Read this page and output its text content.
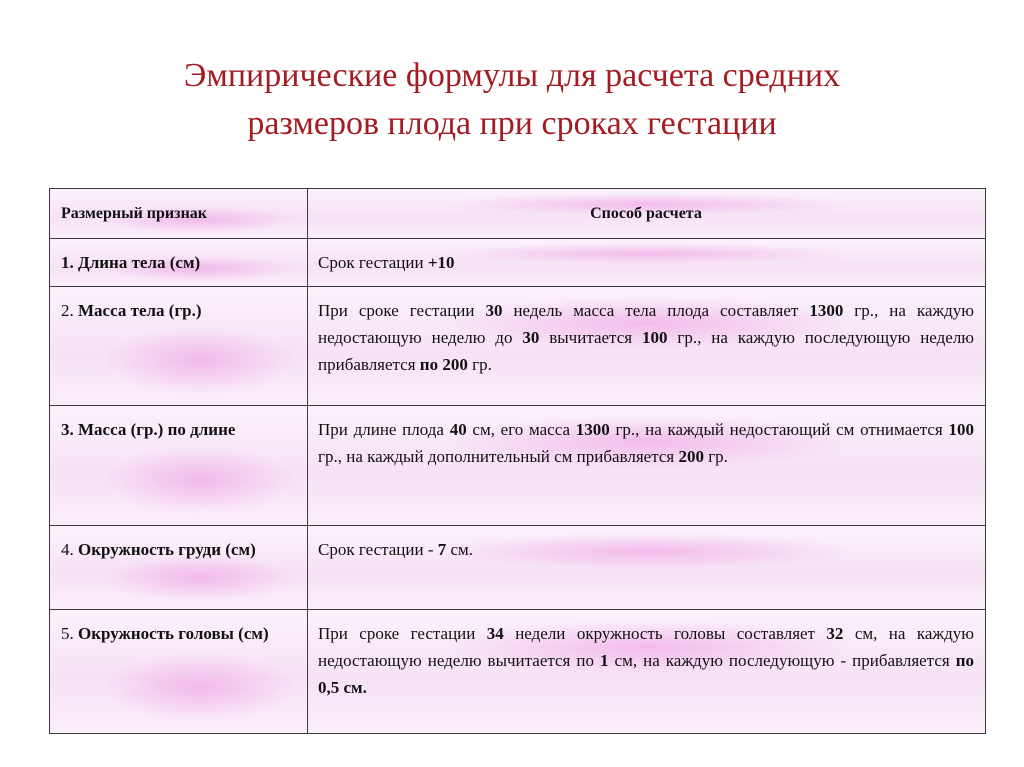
Эмпирические формулы для расчета средних
размеров плода при сроках гестации
Размерный признак	Способ расчета
1. Длина тела (см)	Срок гестации +10
2. Масса тела (гр.)	При сроке гестации 30 недель масса тела плода составляет 1300 гр., на каждую недостающую неделю до 30 вычитается 100 гр., на каждую последующую неделю прибавляется по 200 гр.
3. Масса (гр.) по длине	При длине плода 40 см, его масса 1300 гр., на каждый недостающий см отнимается 100 гр., на каждый дополнительный см прибавляется 200 гр.
4. Окружность груди (см)	Срок гестации - 7 см.
5. Окружность головы (см)	При сроке гестации 34 недели окружность головы составляет 32 см, на каждую недостающую неделю вычитается по 1 см, на каждую последующую - прибавляется по 0,5 см.
